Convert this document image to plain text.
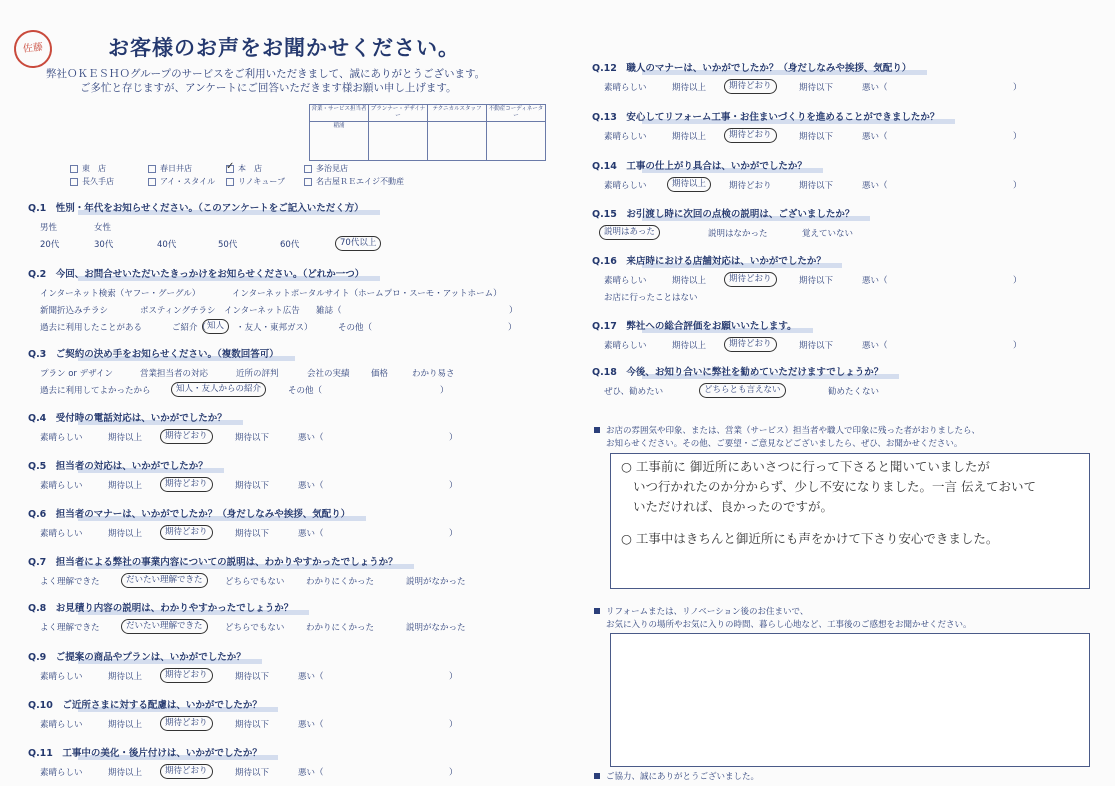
佐藤	お客様のお声をお聞かせください。
弊社ＯＫＥＳＨＯグループのサービスをご利用いただきまして、誠にありがとうございます。
ご多忙と存じますが、アンケートにご回答いただきます様お願い申し上げます。
営業・サービス担当者	プランナー・デザイナー	テクニカルスタッフ	不動産コーディネーター
稲浦			
東　店	春日井店 ✓	本　店	多治見店
長久手店	アイ・スタイル	リノキューブ	名古屋ＲＥエイジ不動産
Q.1　性別・年代をお知らせください。（このアンケートをご記入いただく方）
男性	女性
20代	30代	40代	50代	60代	70代以上
Q.2　今回、お問合せいただいたきっかけをお知らせください。（どれか一つ）
インターネット検索（ヤフー・グーグル）	インターネットポータルサイト（ホームプロ・スーモ・アットホーム）
新聞折込みチラシ	ポスティングチラシ インターネット広告 雑誌（	）
過去に利用したことがある	ご紹介（ 知人	・友人・東邦ガス）	その他（	）
Q.3　ご契約の決め手をお知らせください。（複数回答可）
プラン or デザイン	営業担当者の対応	近所の評判	会社の実績	価格	わかり易さ
過去に利用してよかったから	知人・友人からの紹介	その他（	）
Q.4　受付時の電話対応は、いかがでしたか？
素晴らしい	期待以上	期待どおり	期待以下	悪い（	）
Q.5　担当者の対応は、いかがでしたか？
素晴らしい	期待以上	期待どおり	期待以下	悪い（	）
Q.6　担当者のマナーは、いかがでしたか？（身だしなみや挨拶、気配り）
素晴らしい	期待以上	期待どおり	期待以下	悪い（	）
Q.7　担当者による弊社の事業内容についての説明は、わかりやすかったでしょうか？
よく理解できた	だいたい理解できた	どちらでもない	わかりにくかった	説明がなかった
Q.8　お見積り内容の説明は、わかりやすかったでしょうか？
よく理解できた	だいたい理解できた	どちらでもない	わかりにくかった	説明がなかった
Q.9　ご提案の商品やプランは、いかがでしたか？
素晴らしい	期待以上	期待どおり	期待以下	悪い（	）
Q.10　ご近所さまに対する配慮は、いかがでしたか？
素晴らしい	期待以上	期待どおり	期待以下	悪い（	）
Q.11　工事中の美化・後片付けは、いかがでしたか？
素晴らしい	期待以上	期待どおり	期待以下	悪い（	）
Q.12　職人のマナーは、いかがでしたか？（身だしなみや挨拶、気配り）
素晴らしい	期待以上	期待どおり	期待以下	悪い（	）
Q.13　安心してリフォーム工事・お住まいづくりを進めることができましたか？
素晴らしい	期待以上	期待どおり	期待以下	悪い（	）
Q.14　工事の仕上がり具合は、いかがでしたか？
素晴らしい	期待以上	期待どおり	期待以下	悪い（	）
Q.15　お引渡し時に次回の点検の説明は、ございましたか？
説明はあった	説明はなかった	覚えていない
Q.16　来店時における店舗対応は、いかがでしたか？
素晴らしい	期待以上	期待どおり	期待以下	悪い（	）
お店に行ったことはない
Q.17　弊社への総合評価をお願いいたします。
素晴らしい	期待以上	期待どおり	期待以下	悪い（	）
Q.18　今後、お知り合いに弊社を勧めていただけますでしょうか？
ぜひ、勧めたい	どちらとも言えない	勧めたくない
お店の雰囲気や印象、または、営業（サービス）担当者や職人で印象に残った者がおりましたら、
お知らせください。その他、ご要望・ご意見などございましたら、ぜひ、お聞かせください。
○ 工事前に 御近所にあいさつに行って下さると聞いていましたが
いつ行かれたのか分からず、少し不安になりました。一言 伝えておいて
いただければ、良かったのですが。
○ 工事中はきちんと御近所にも声をかけて下さり安心できました。
リフォームまたは、リノベーション後のお住まいで、
お気に入りの場所やお気に入りの時間、暮らし心地など、工事後のご感想をお聞かせください。
ご協力、誠にありがとうございました。
